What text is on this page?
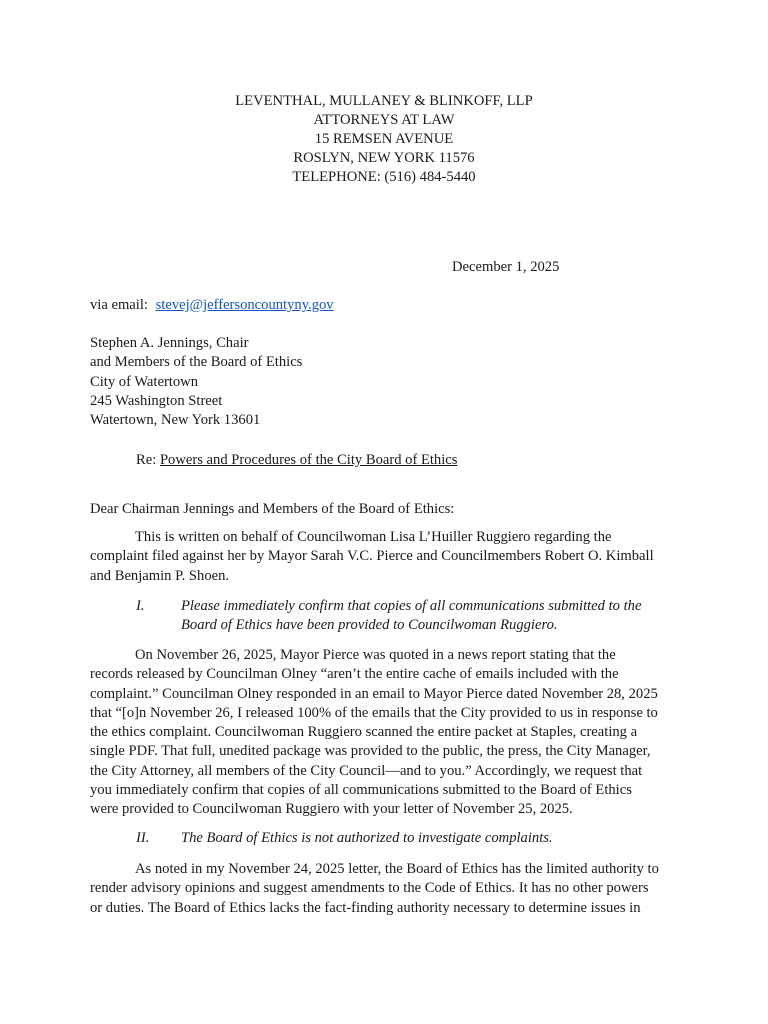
LEVENTHAL, MULLANEY & BLINKOFF, LLP
ATTORNEYS AT LAW
15 REMSEN AVENUE
ROSLYN, NEW YORK 11576
TELEPHONE: (516) 484-5440
December 1, 2025
via email: stevej@jeffersoncountyny.gov
Stephen A. Jennings, Chair
and Members of the Board of Ethics
City of Watertown
245 Washington Street
Watertown, New York 13601
Re: Powers and Procedures of the City Board of Ethics
Dear Chairman Jennings and Members of the Board of Ethics:
This is written on behalf of Councilwoman Lisa L’Huiller Ruggiero regarding the
complaint filed against her by Mayor Sarah V.C. Pierce and Councilmembers Robert O. Kimball
and Benjamin P. Shoen.
I. Please immediately confirm that copies of all communications submitted to the
Board of Ethics have been provided to Councilwoman Ruggiero.
On November 26, 2025, Mayor Pierce was quoted in a news report stating that the
records released by Councilman Olney “aren’t the entire cache of emails included with the
complaint.” Councilman Olney responded in an email to Mayor Pierce dated November 28, 2025
that “[o]n November 26, I released 100% of the emails that the City provided to us in response to
the ethics complaint. Councilwoman Ruggiero scanned the entire packet at Staples, creating a
single PDF. That full, unedited package was provided to the public, the press, the City Manager,
the City Attorney, all members of the City Council—and to you.” Accordingly, we request that
you immediately confirm that copies of all communications submitted to the Board of Ethics
were provided to Councilwoman Ruggiero with your letter of November 25, 2025.
II. The Board of Ethics is not authorized to investigate complaints.
As noted in my November 24, 2025 letter, the Board of Ethics has the limited authority to
render advisory opinions and suggest amendments to the Code of Ethics. It has no other powers
or duties. The Board of Ethics lacks the fact-finding authority necessary to determine issues in
